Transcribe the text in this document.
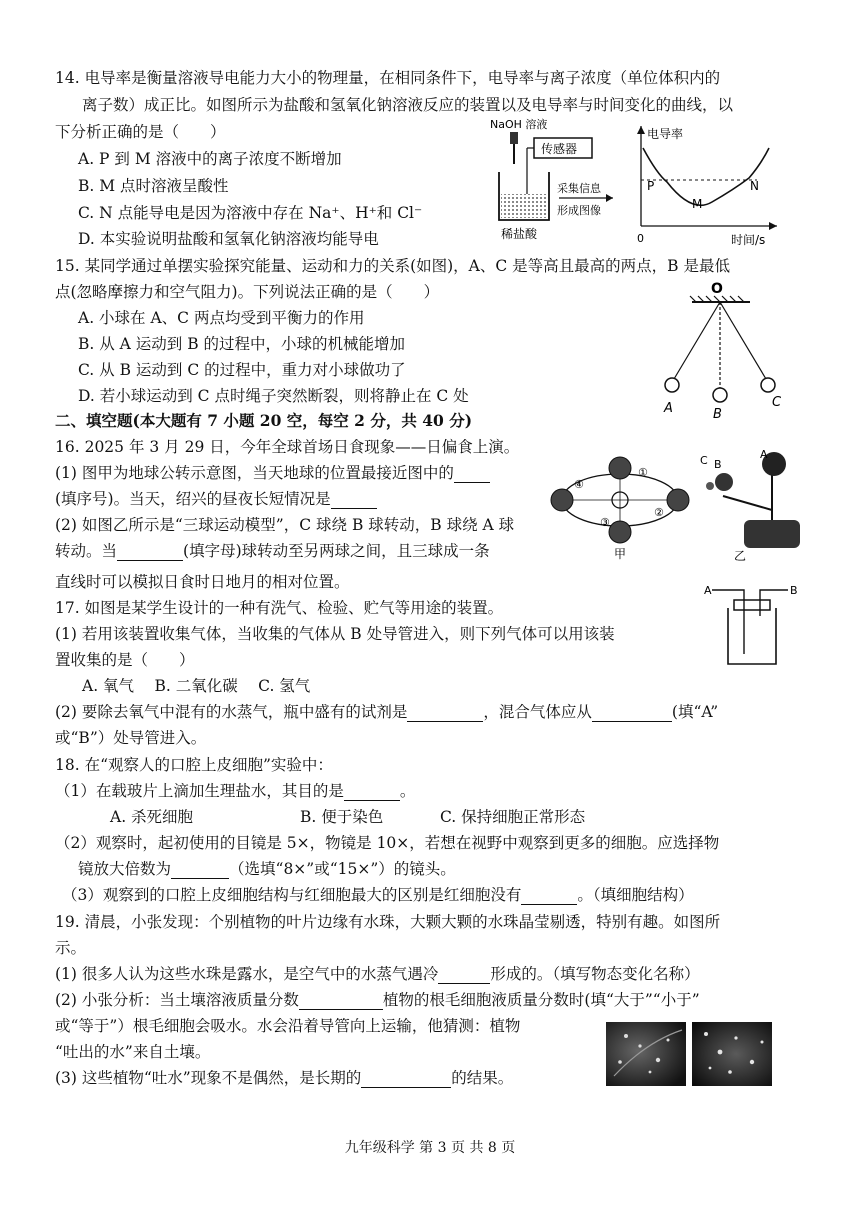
14. 电导率是衡量溶液导电能力大小的物理量，在相同条件下，电导率与离子浓度（单位体积内的
离子数）成正比。如图所示为盐酸和氢氧化钠溶液反应的装置以及电导率与时间变化的曲线，以
下分析正确的是（　　）
A. P 到 M 溶液中的离子浓度不断增加
B. M 点时溶液呈酸性
C. N 点能导电是因为溶液中存在 Na⁺、H⁺和 Cl⁻
D. 本实验说明盐酸和氢氧化钠溶液均能导电
NaOH 溶液
传感器
稀盐酸
采集信息
形成图像
电导率
0	时间/s
P
M
N
15. 某同学通过单摆实验探究能量、运动和力的关系(如图)，A、C 是等高且最高的两点，B 是最低
点(忽略摩擦力和空气阻力)。下列说法正确的是（　　）
A. 小球在 A、C 两点均受到平衡力的作用
B. 从 A 运动到 B 的过程中，小球的机械能增加
C. 从 B 运动到 C 的过程中，重力对小球做功了
D. 若小球运动到 C 点时绳子突然断裂，则将静止在 C 处
O
A	B
C
二、填空题(本大题有 7 小题 20 空，每空 2 分，共 40 分)
16. 2025 年 3 月 29 日，今年全球首场日食现象——日偏食上演。
(1) 图甲为地球公转示意图，当天地球的位置最接近图中的
(填序号)。当天，绍兴的昼夜长短情况是
(2) 如图乙所示是“三球运动模型”，C 球绕 B 球转动，B 球绕 A 球
转动。当	(填字母)球转动至另两球之间，且三球成一条
直线时可以模拟日食时日地月的相对位置。
①
②
③
④
甲
C B
A
乙
17. 如图是某学生设计的一种有洗气、检验、贮气等用途的装置。
(1) 若用该装置收集气体，当收集的气体从 B 处导管进入，则下列气体可以用该装
置收集的是（　　）
A. 氧气　 B. 二氧化碳　 C. 氢气
(2) 要除去氧气中混有的水蒸气，瓶中盛有的试剂是	，混合气体应从	(填“A”
或“B”）处导管进入。
A	B
18. 在“观察人的口腔上皮细胞”实验中：
（1）在载玻片上滴加生理盐水，其目的是	。
A. 杀死细胞	B. 便于染色	C. 保持细胞正常形态
（2）观察时，起初使用的目镜是 5×，物镜是 10×，若想在视野中观察到更多的细胞。应选择物
镜放大倍数为	（选填“8×”或“15×”）的镜头。
（3）观察到的口腔上皮细胞结构与红细胞最大的区别是红细胞没有	。（填细胞结构）
19. 清晨，小张发现：个别植物的叶片边缘有水珠，大颗大颗的水珠晶莹剔透，特别有趣。如图所
示。
(1) 很多人认为这些水珠是露水，是空气中的水蒸气遇冷	形成的。（填写物态变化名称）
(2) 小张分析：当土壤溶液质量分数	植物的根毛细胞液质量分数时(填“大于”“小于”
或“等于”）根毛细胞会吸水。水会沿着导管向上运输，他猜测：植物
“吐出的水”来自土壤。
(3) 这些植物“吐水”现象不是偶然，是长期的	的结果。
九年级科学 第 3 页 共 8 页
